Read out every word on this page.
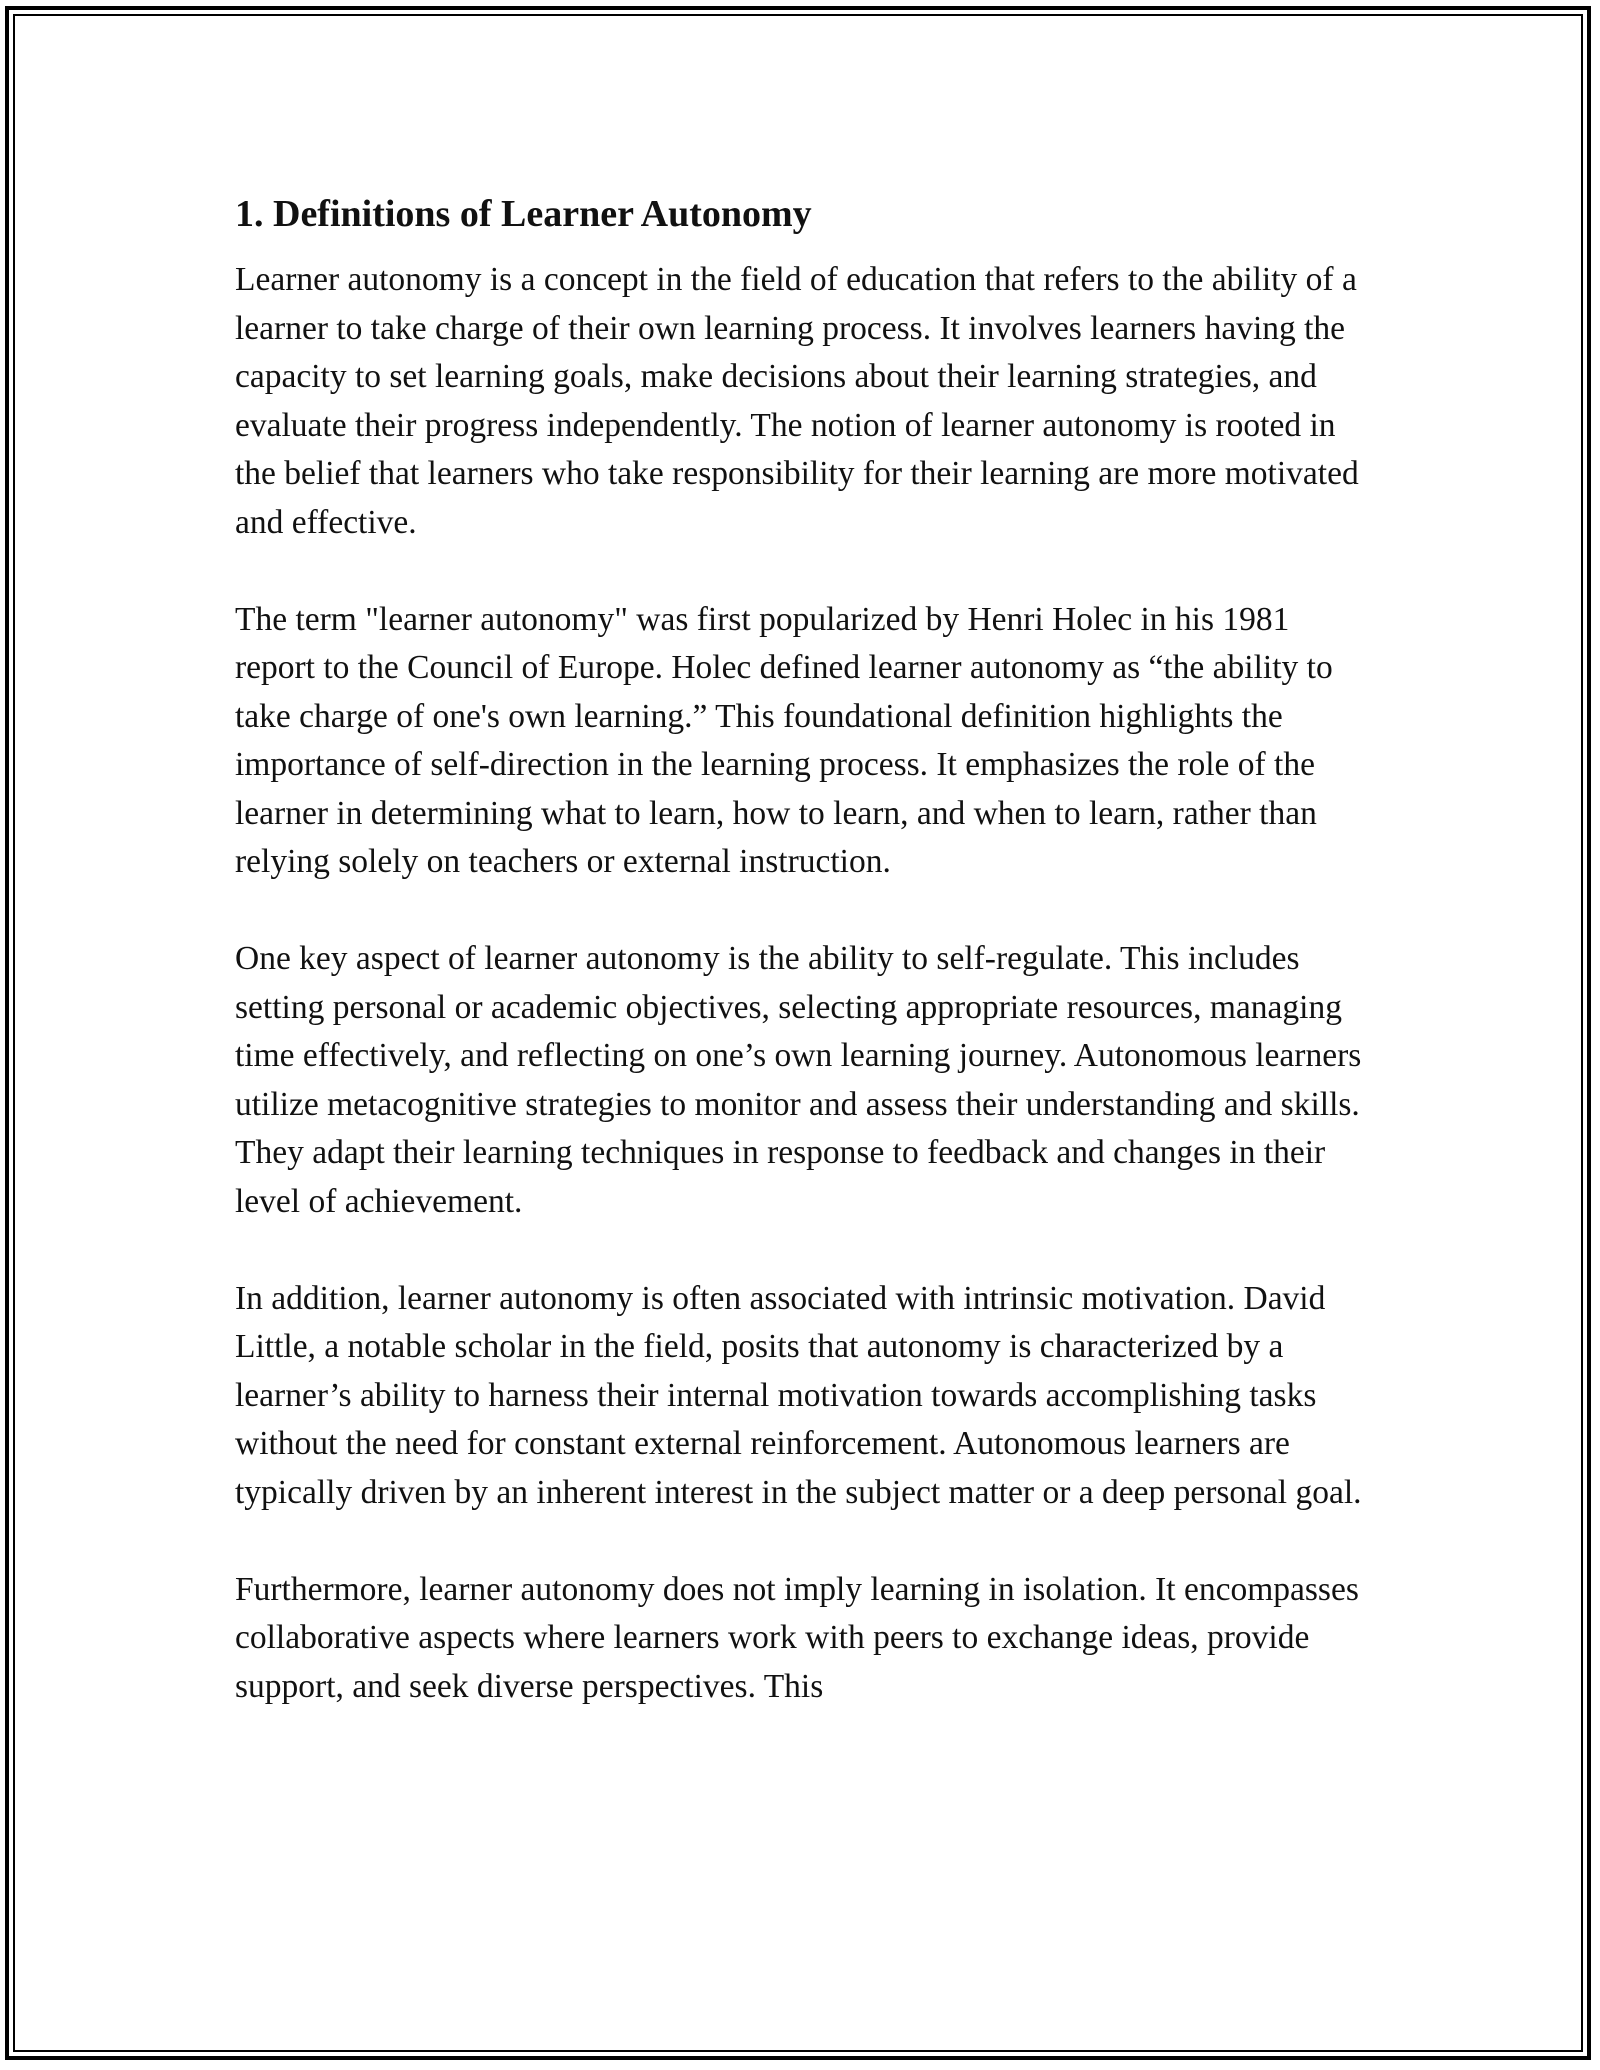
1. Definitions of Learner Autonomy

Learner autonomy is a concept in the field of education that refers to the ability of a learner to take charge of their own learning process. It involves learners having the capacity to set learning goals, make decisions about their learning strategies, and evaluate their progress independently. The notion of learner autonomy is rooted in the belief that learners who take responsibility for their learning are more motivated and effective.

The term "learner autonomy" was first popularized by Henri Holec in his 1981 report to the Council of Europe. Holec defined learner autonomy as “the ability to take charge of one's own learning.” This foundational definition highlights the importance of self-direction in the learning process. It emphasizes the role of the learner in determining what to learn, how to learn, and when to learn, rather than relying solely on teachers or external instruction.

One key aspect of learner autonomy is the ability to self-regulate. This includes setting personal or academic objectives, selecting appropriate resources, managing time effectively, and reflecting on one’s own learning journey. Autonomous learners utilize metacognitive strategies to monitor and assess their understanding and skills. They adapt their learning techniques in response to feedback and changes in their level of achievement.

In addition, learner autonomy is often associated with intrinsic motivation. David Little, a notable scholar in the field, posits that autonomy is characterized by a learner’s ability to harness their internal motivation towards accomplishing tasks without the need for constant external reinforcement. Autonomous learners are typically driven by an inherent interest in the subject matter or a deep personal goal.

Furthermore, learner autonomy does not imply learning in isolation. It encompasses collaborative aspects where learners work with peers to exchange ideas, provide support, and seek diverse perspectives. This
